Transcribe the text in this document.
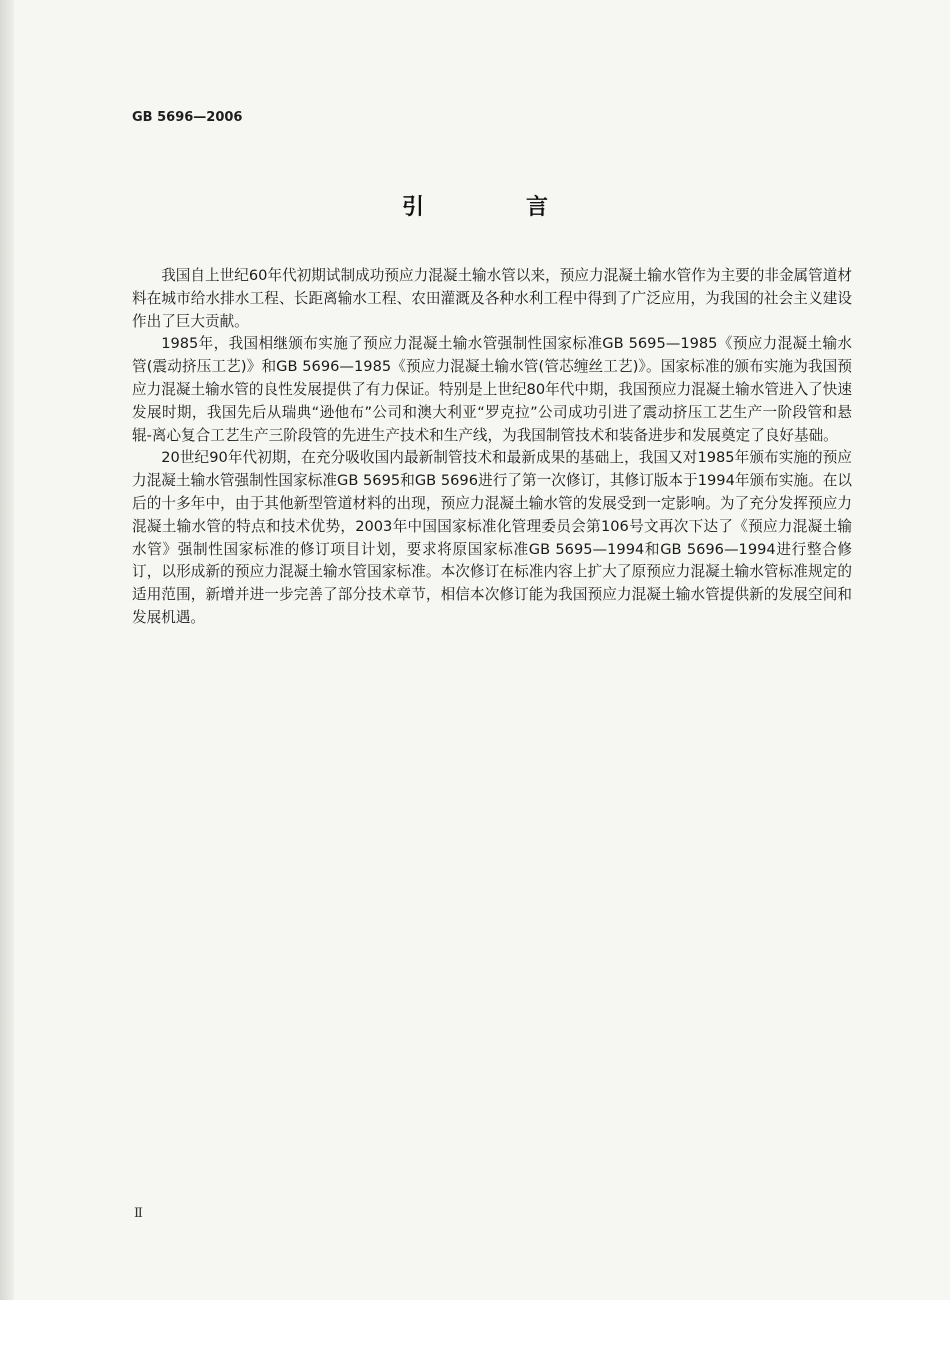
GB 5696—2006
引　言

我国自上世纪60年代初期试制成功预应力混凝土输水管以来，预应力混凝土输水管作为主要的非金属管道材料在城市给水排水工程、长距离输水工程、农田灌溉及各种水利工程中得到了广泛应用，为我国的社会主义建设作出了巨大贡献。

1985年，我国相继颁布实施了预应力混凝土输水管强制性国家标准GB 5695—1985《预应力混凝土输水管(震动挤压工艺)》和GB 5696—1985《预应力混凝土输水管(管芯缠丝工艺)》。国家标准的颁布实施为我国预应力混凝土输水管的良性发展提供了有力保证。特别是上世纪80年代中期，我国预应力混凝土输水管进入了快速发展时期，我国先后从瑞典“逊他布”公司和澳大利亚“罗克拉”公司成功引进了震动挤压工艺生产一阶段管和悬辊-离心复合工艺生产三阶段管的先进生产技术和生产线，为我国制管技术和装备进步和发展奠定了良好基础。

20世纪90年代初期，在充分吸收国内最新制管技术和最新成果的基础上，我国又对1985年颁布实施的预应力混凝土输水管强制性国家标准GB 5695和GB 5696进行了第一次修订，其修订版本于1994年颁布实施。在以后的十多年中，由于其他新型管道材料的出现，预应力混凝土输水管的发展受到一定影响。为了充分发挥预应力混凝土输水管的特点和技术优势，2003年中国国家标准化管理委员会第106号文再次下达了《预应力混凝土输水管》强制性国家标准的修订项目计划，要求将原国家标准GB 5695—1994和GB 5696—1994进行整合修订，以形成新的预应力混凝土输水管国家标准。本次修订在标准内容上扩大了原预应力混凝土输水管标准规定的适用范围，新增并进一步完善了部分技术章节，相信本次修订能为我国预应力混凝土输水管提供新的发展空间和发展机遇。

Ⅱ
